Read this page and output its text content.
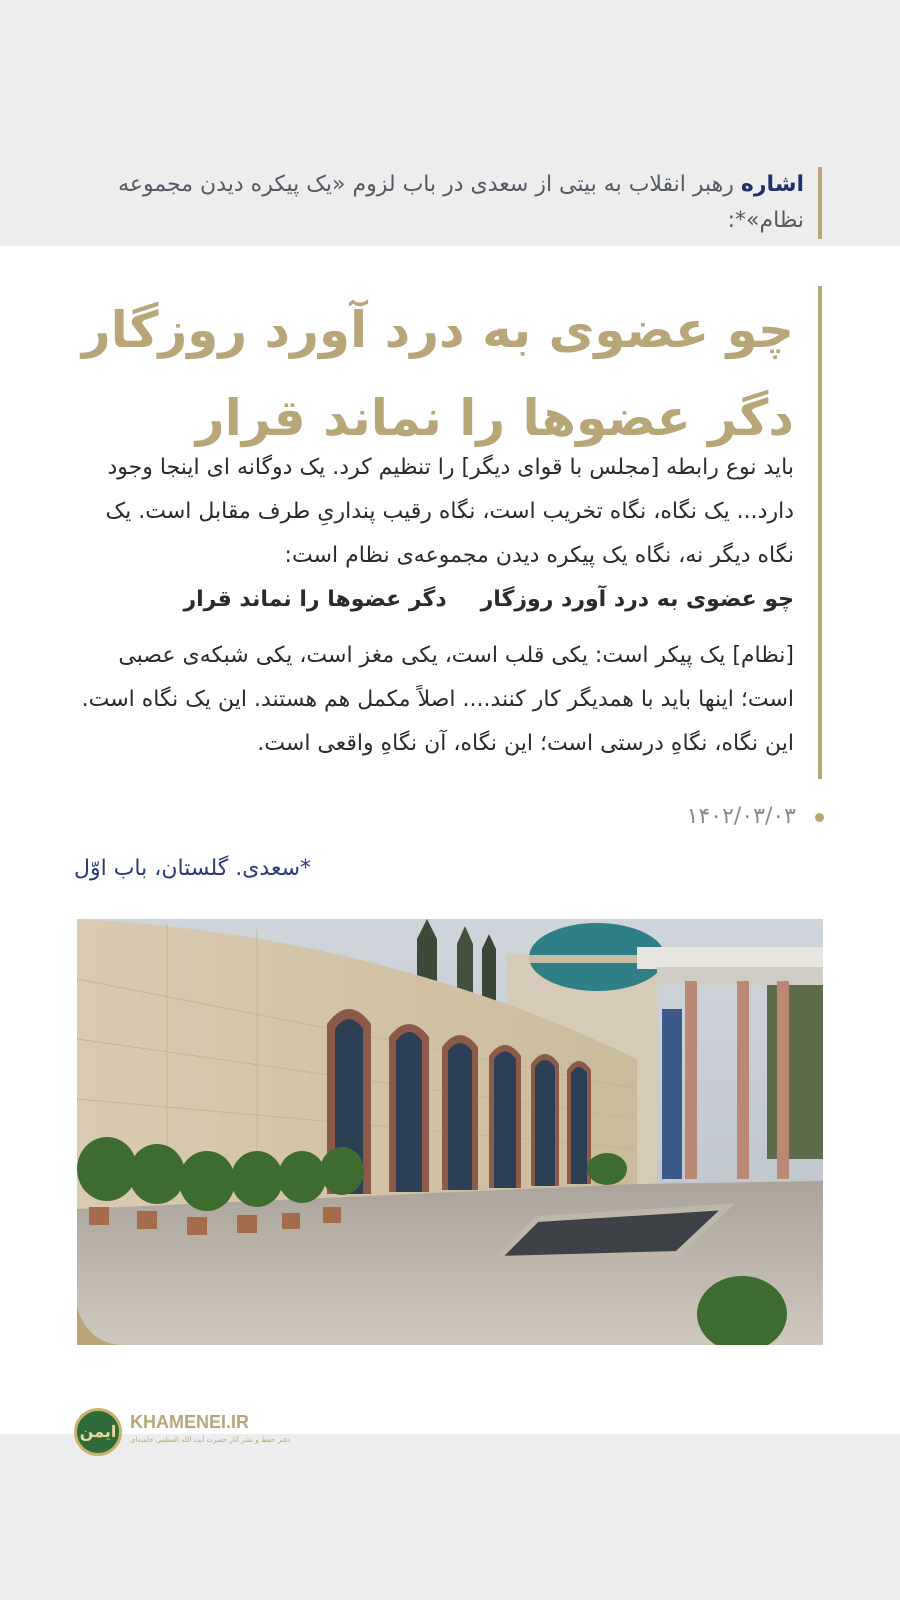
اشاره رهبر انقلاب به بیتی از سعدی در باب لزوم «یک پیکره دیدن مجموعه نظام»*:
چو عضوی به درد آورد روزگار
دگر عضوها را نماند قرار
باید نوع رابطه [مجلس با قوای دیگر] را تنظیم کرد. یک دوگانه ای اینجا وجود دارد... یک نگاه، نگاه تخریب است، نگاه رقیب پنداریِ طرف مقابل است. یک نگاه دیگر نه، نگاه یک پیکره دیدن مجموعه‌ی نظام است:
چو عضوی به درد آورد روزگاردگر عضوها را نماند قرار
[نظام] یک پیکر است: یکی قلب است، یکی مغز است، یکی شبکه‌ی عصبی است؛ اینها باید با همدیگر کار کنند.... اصلاً مکمل هم هستند. این یک نگاه است. این نگاه، نگاهِ درستی است؛ این نگاه، آن نگاهِ واقعی است.
۱۴۰۲/۰۳/۰۳
*سعدی. گلستان، باب اوّل
ایمن KHAMENEI.IR
دفتر حفظ و نشر آثار حضرت آیت الله العظمی خامنه‌ای
